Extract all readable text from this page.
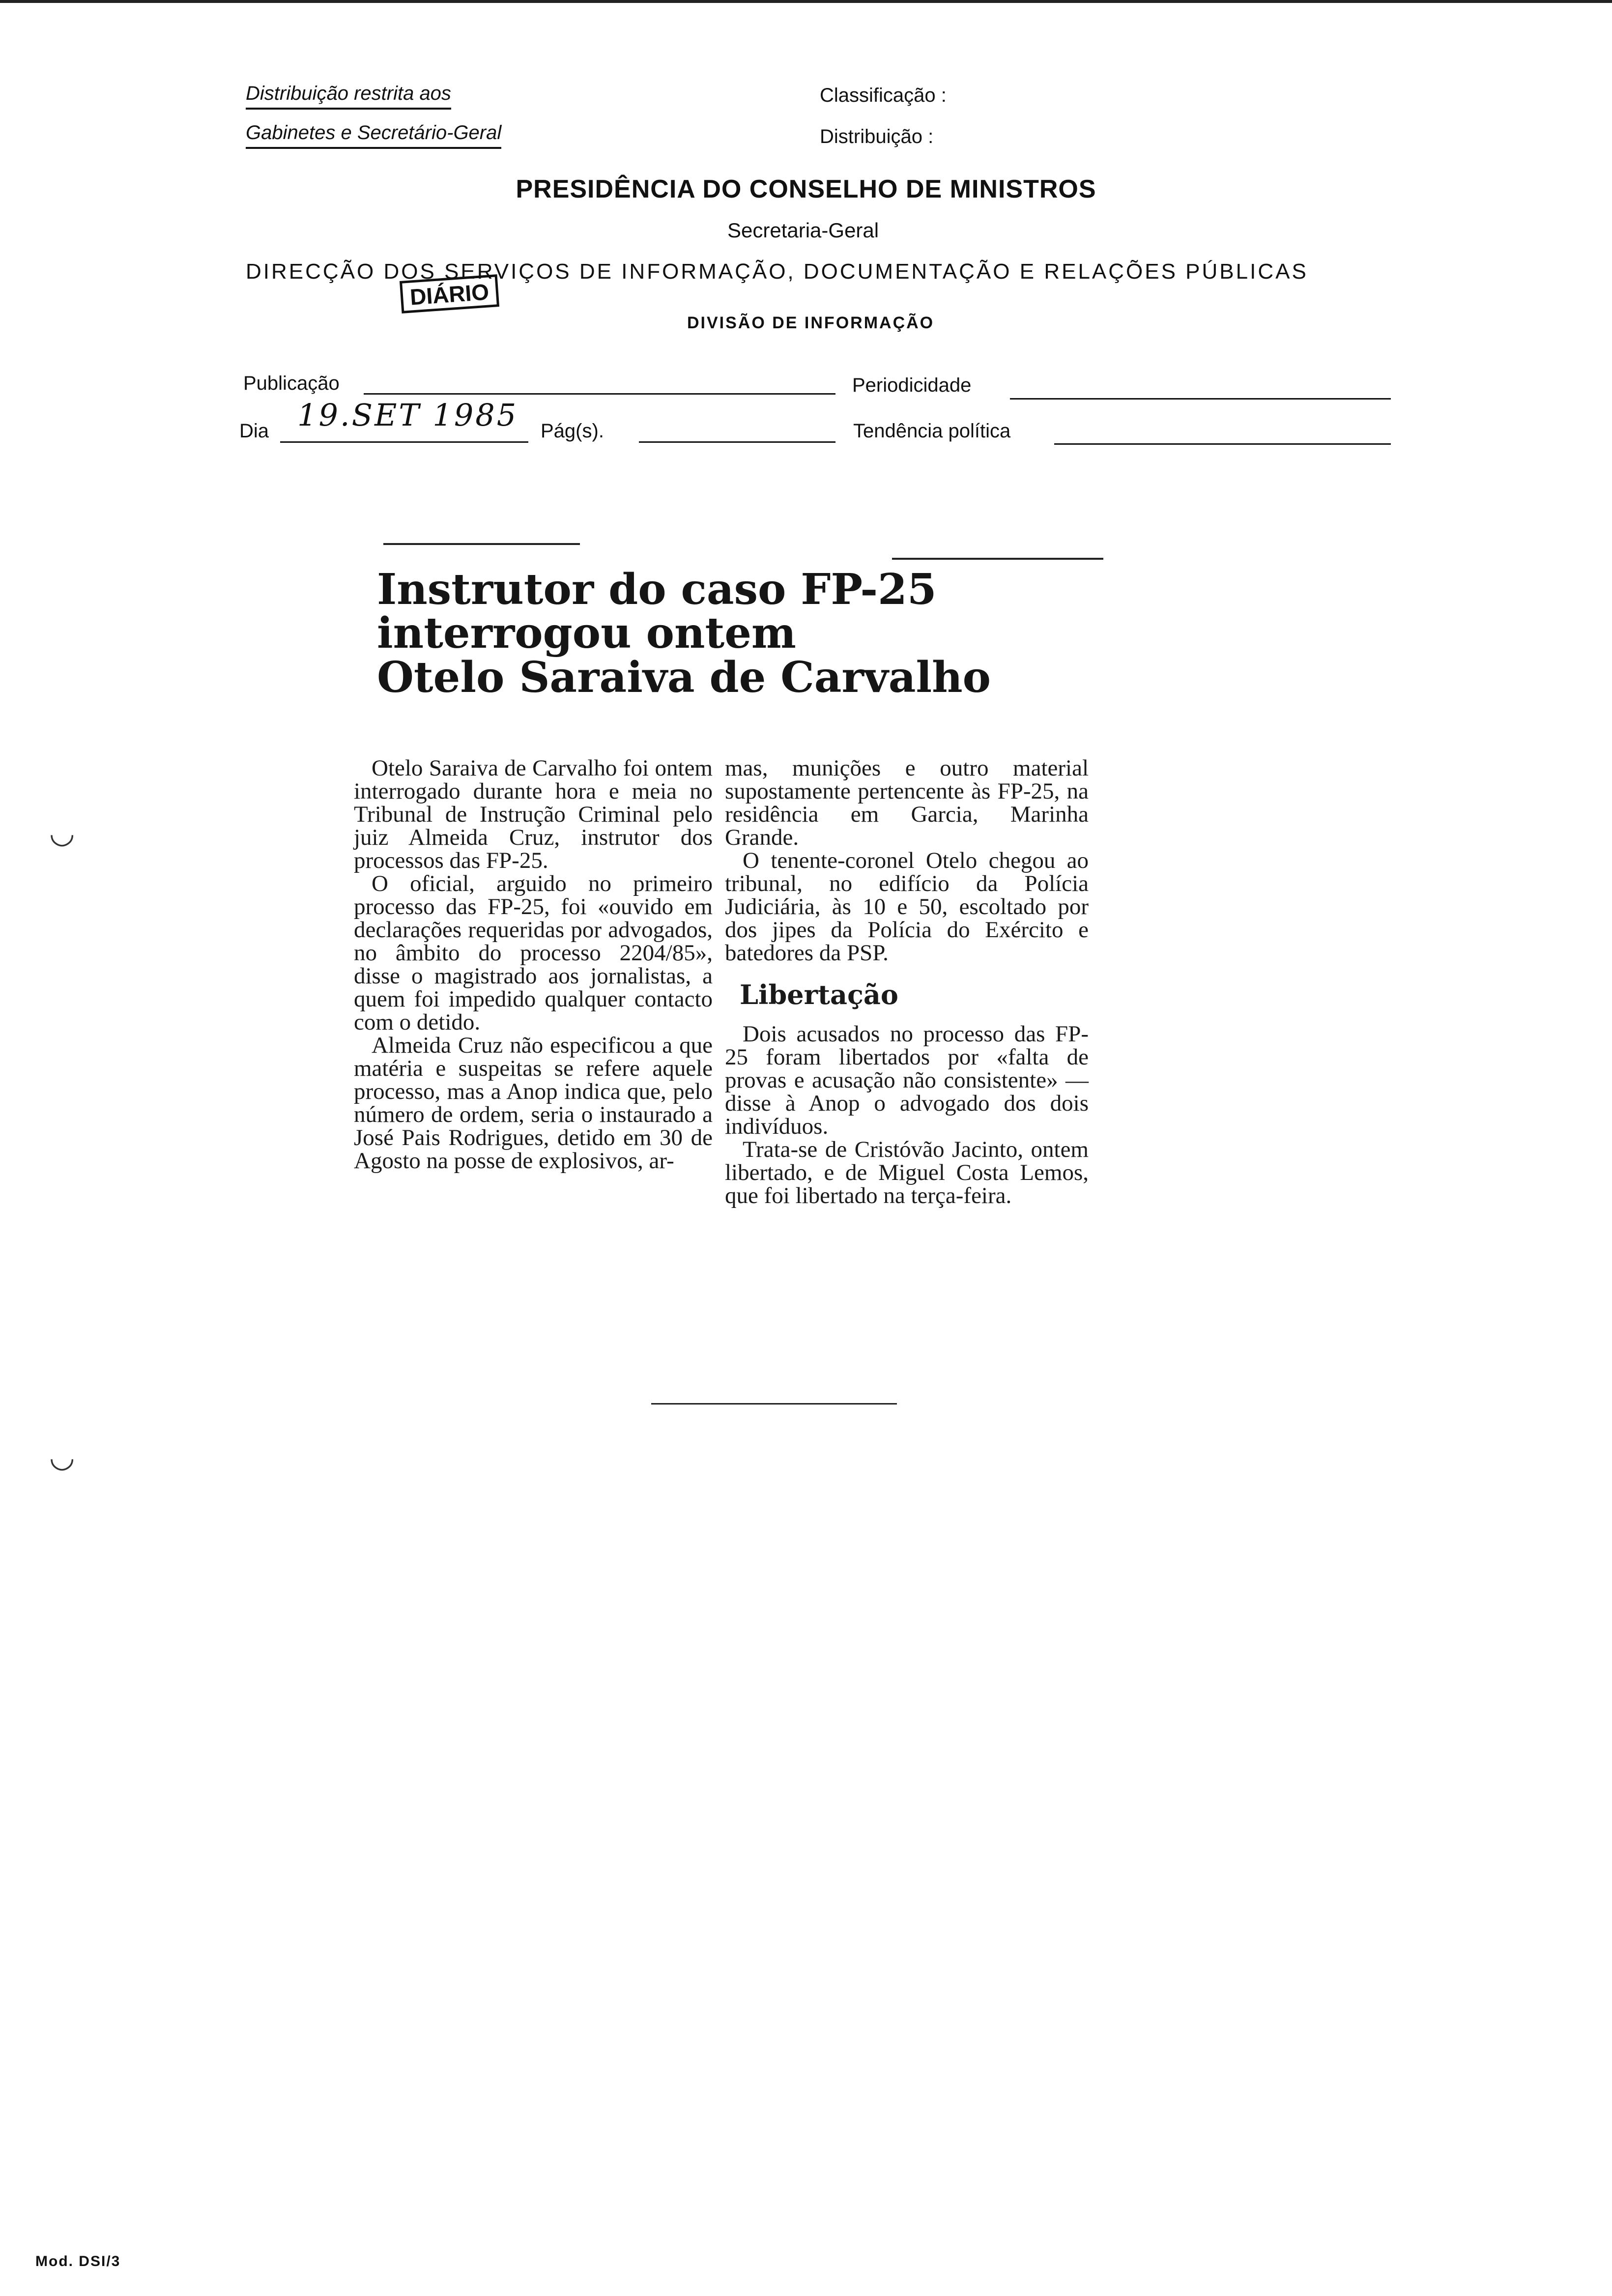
Distribuição restrita aos
Gabinetes e Secretário-Geral
Classificação :
Distribuição :
PRESIDÊNCIA DO CONSELHO DE MINISTROS
Secretaria-Geral
DIRECÇÃO DOS SERVIÇOS DE INFORMAÇÃO, DOCUMENTAÇÃO E RELAÇÕES PÚBLICAS
DIÁRIO
DIVISÃO DE INFORMAÇÃO
Publicação	Periodicidade
Dia 19.SET 1985 Pág(s).	Tendência política
Instrutor do caso FP-25
interrogou ontem
Otelo Saraiva de Carvalho

Otelo Saraiva de Carvalho foi ontem interrogado durante hora e meia no Tribunal de Instrução Criminal pelo juiz Almeida Cruz, instrutor dos processos das FP-25.

O oficial, arguido no primeiro processo das FP-25, foi «ouvido em declarações requeridas por advogados, no âmbito do processo 2204/85», disse o magistrado aos jornalistas, a quem foi impedido qualquer contacto com o detido.

Almeida Cruz não especificou a que matéria e suspeitas se refere aquele processo, mas a Anop indica que, pelo número de ordem, seria o instaurado a José Pais Rodrigues, detido em 30 de Agosto na posse de explosivos, ar-

mas, munições e outro material supostamente pertencente às FP-25, na residência em Garcia, Marinha Grande.

O tenente-coronel Otelo chegou ao tribunal, no edifício da Polícia Judiciária, às 10 e 50, escoltado por dos jipes da Polícia do Exército e batedores da PSP.

Libertação

Dois acusados no processo das FP-25 foram libertados por «falta de provas e acusação não consistente» — disse à Anop o advogado dos dois indivíduos.

Trata-se de Cristóvão Jacinto, ontem libertado, e de Miguel Costa Lemos, que foi libertado na terça-feira.

◡
◡
Mod. DSI/3
